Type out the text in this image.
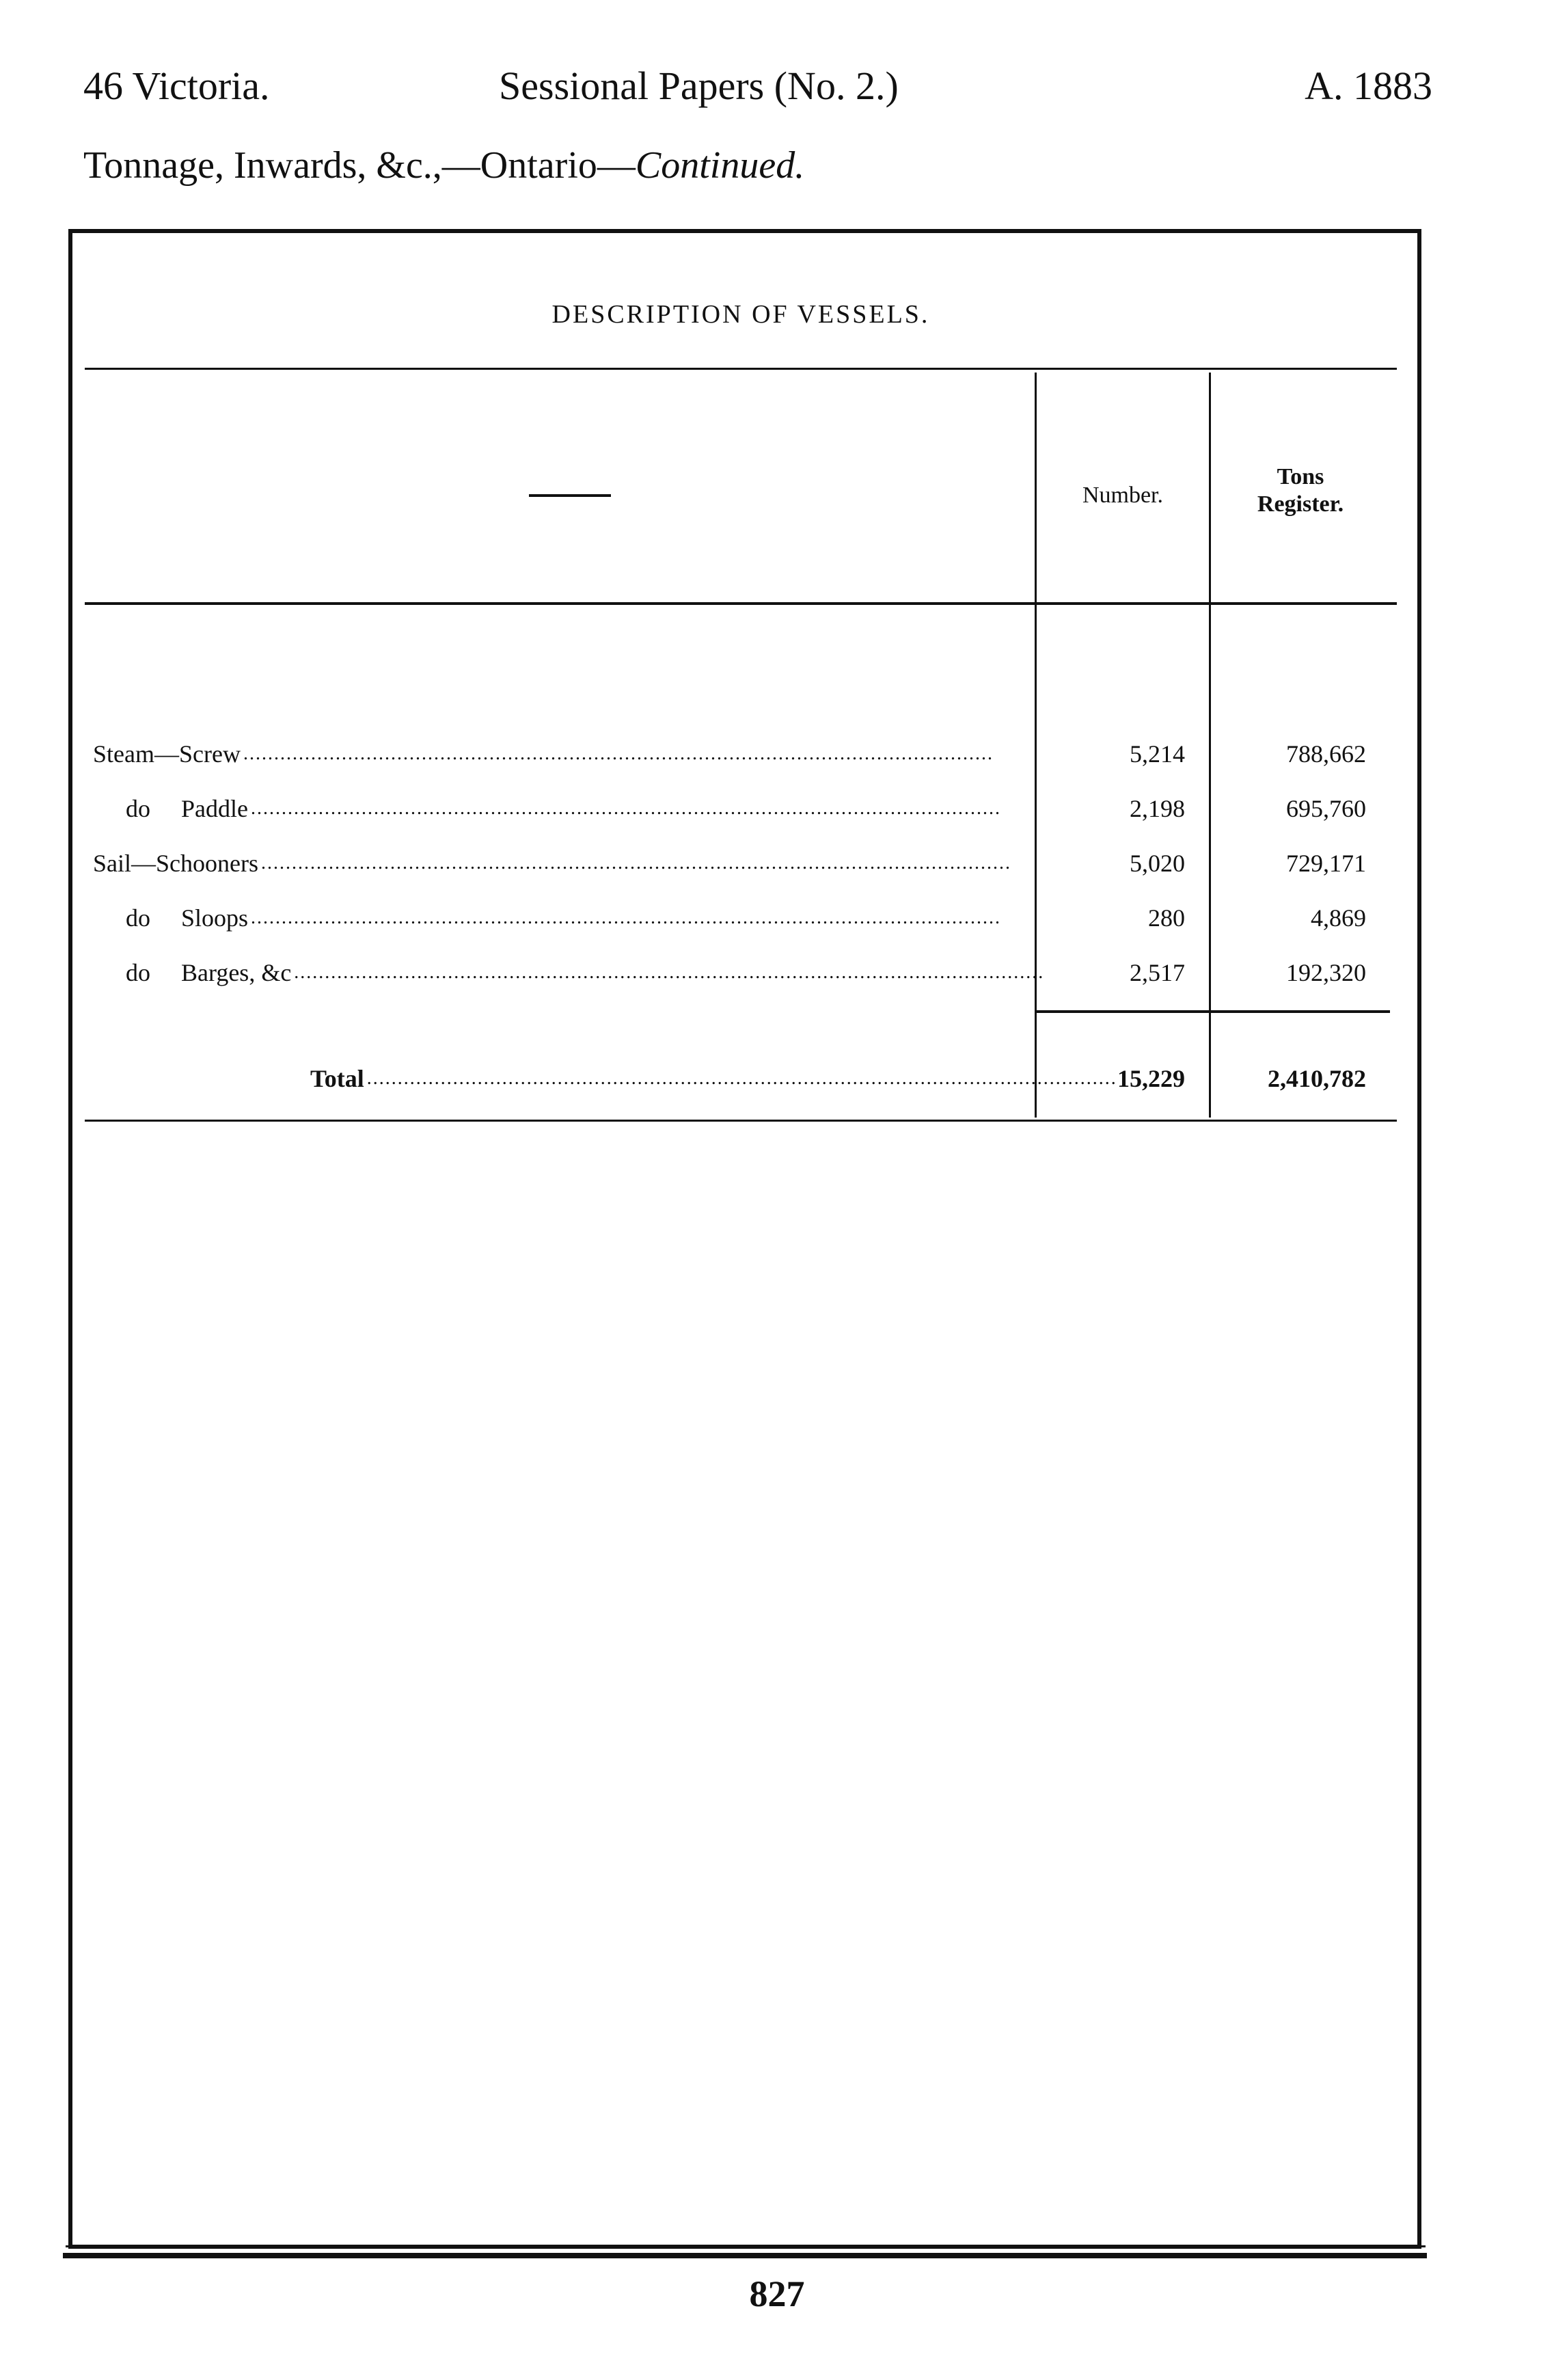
46 Victoria.	Sessional Papers (No. 2.)	A. 1883
Tonnage, Inwards, &c.,—Ontario—Continued.
DESCRIPTION OF VESSELS.
Number.
Tons
Register.
Steam—Screw ..........................................................................................................................	5,214	788,662
do     Paddle ..........................................................................................................................	2,198	695,760
Sail—Schooners ..........................................................................................................................	5,020	729,171
do     Sloops ..........................................................................................................................	280	4,869
do     Barges, &c ..........................................................................................................................	2,517	192,320
Total .......................................................................................................................... 15,229	2,410,782
827
